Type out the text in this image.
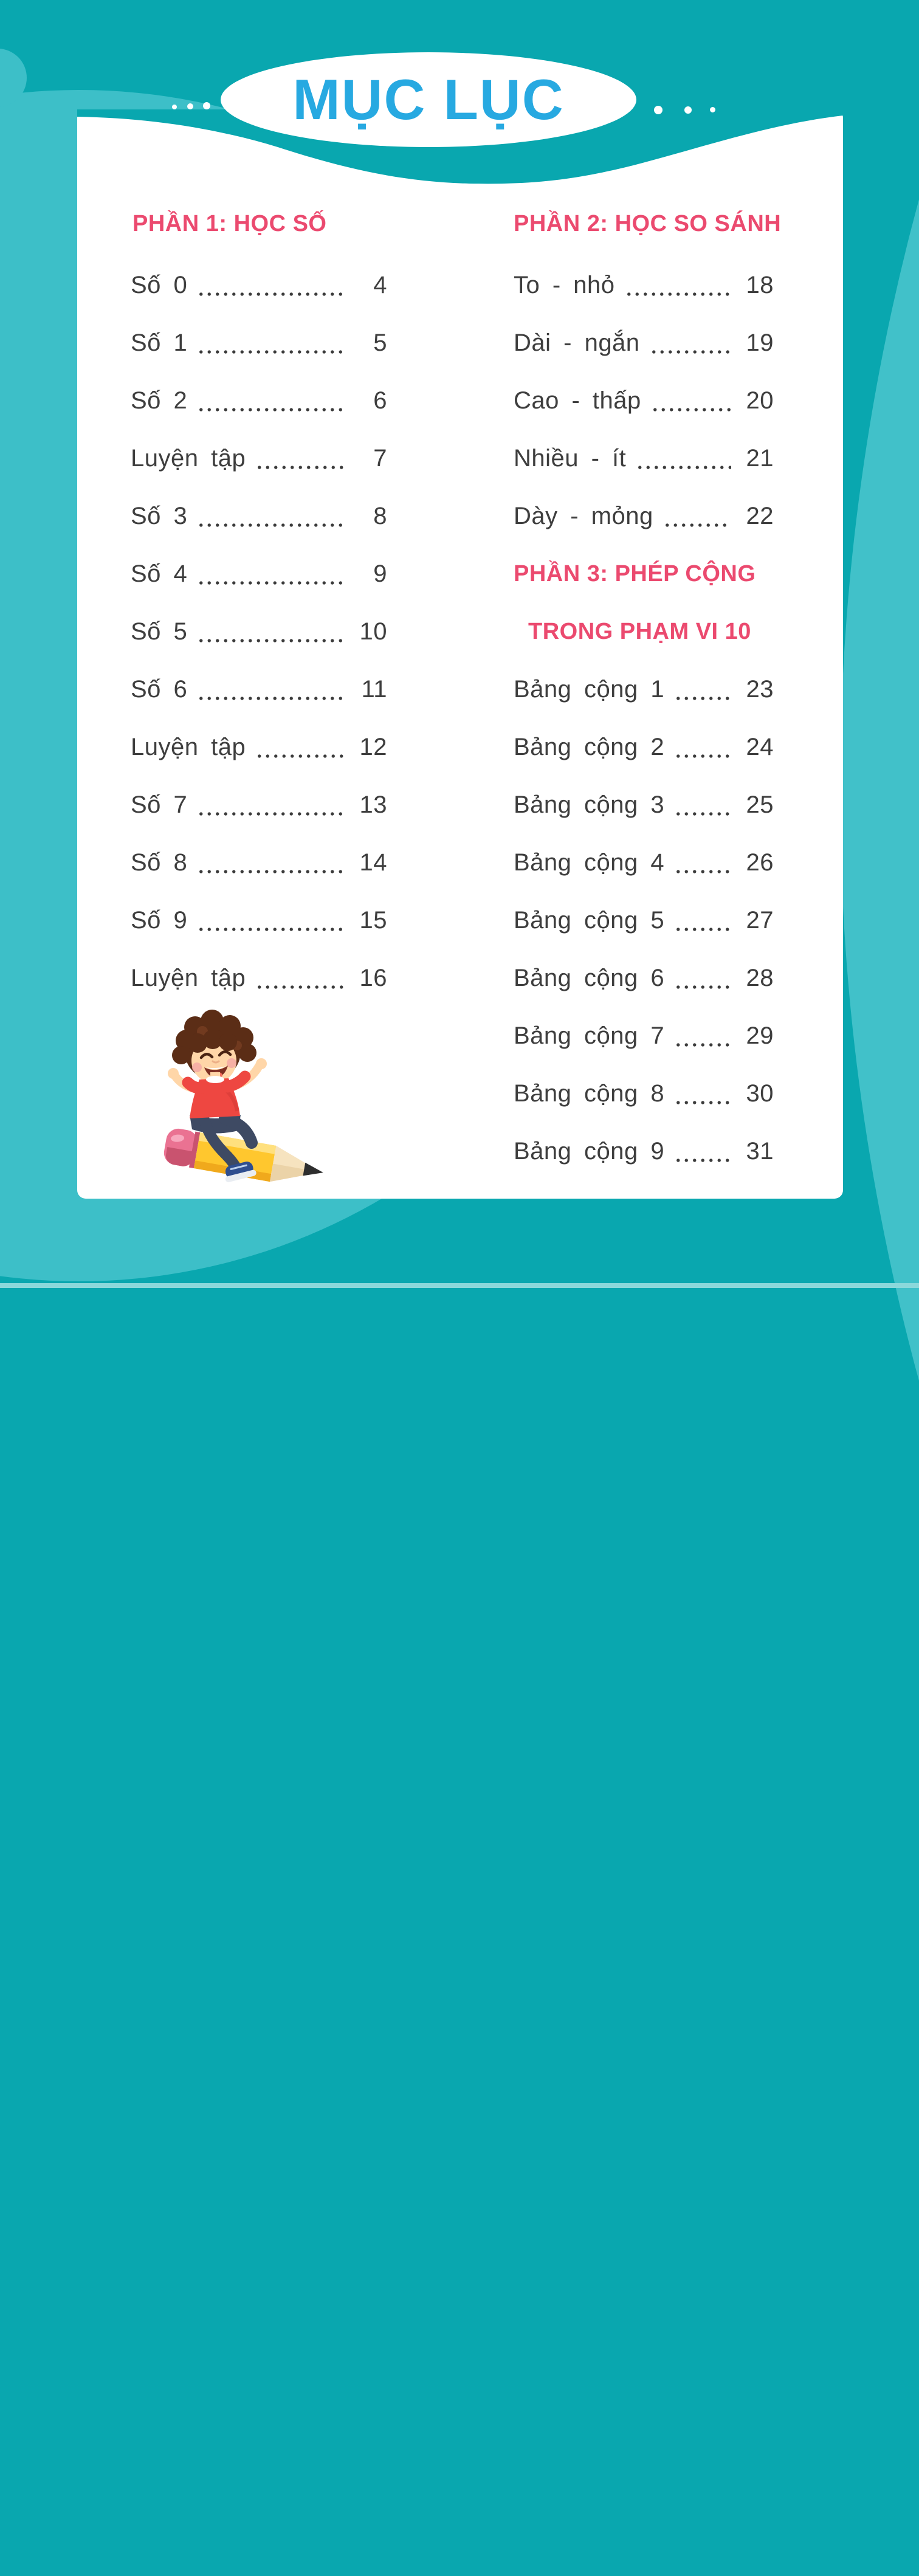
MỤC LỤC
PHẦN 1: HỌC SỐ	PHẦN 2: HỌC SO SÁNH
Số 0	4
Số 1	5
Số 2	6
Luyện tập	7
Số 3	8
Số 4	9
Số 5	10
Số 6	11
Luyện tập	12
Số 7	13
Số 8	14
Số 9	15
Luyện tập	16
To - nhỏ	18
Dài - ngắn	19
Cao - thấp	20
Nhiều - ít	21
Dày - mỏng	22
PHẦN 3: PHÉP CỘNG
TRONG PHẠM VI 10
Bảng cộng 1	23
Bảng cộng 2	24
Bảng cộng 3	25
Bảng cộng 4	26
Bảng cộng 5	27
Bảng cộng 6	28
Bảng cộng 7	29
Bảng cộng 8	30
Bảng cộng 9	31
